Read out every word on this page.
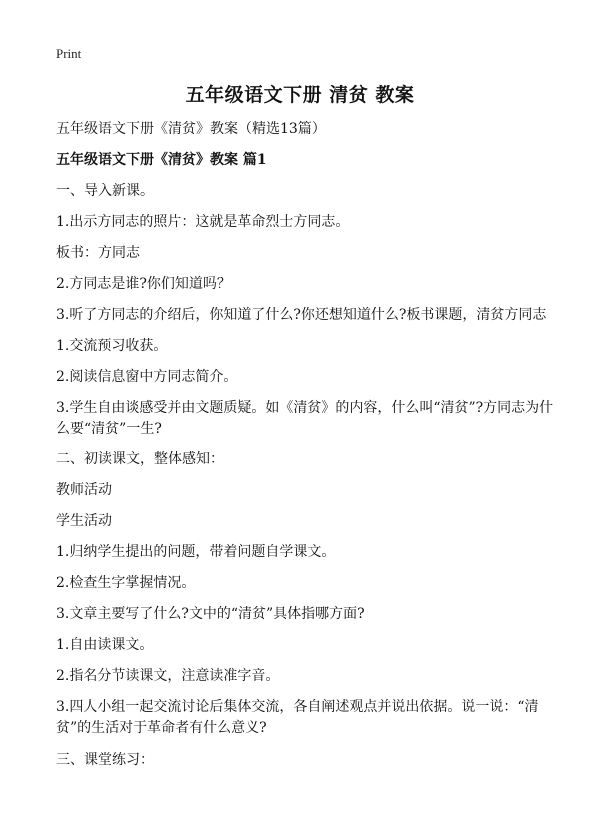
Print
五年级语文下册 清贫 教案
五年级语文下册《清贫》教案（精选13篇）
五年级语文下册《清贫》教案 篇1
一、导入新课。
1.出示方同志的照片：这就是革命烈士方同志。
板书：方同志
2.方同志是谁?你们知道吗？
3.听了方同志的介绍后，你知道了什么?你还想知道什么?板书课题，清贫方同志
1.交流预习收获。
2.阅读信息窗中方同志简介。
3.学生自由谈感受并由文题质疑。如《清贫》的内容，什么叫“清贫”?方同志为什么要“清贫”一生?
二、初读课文，整体感知：
教师活动
学生活动
1.归纳学生提出的问题，带着问题自学课文。
2.检查生字掌握情况。
3.文章主要写了什么?文中的“清贫”具体指哪方面?
1.自由读课文。
2.指名分节读课文，注意读准字音。
3.四人小组一起交流讨论后集体交流，各自阐述观点并说出依据。说一说：“清贫”的生活对于革命者有什么意义?
三、课堂练习：
